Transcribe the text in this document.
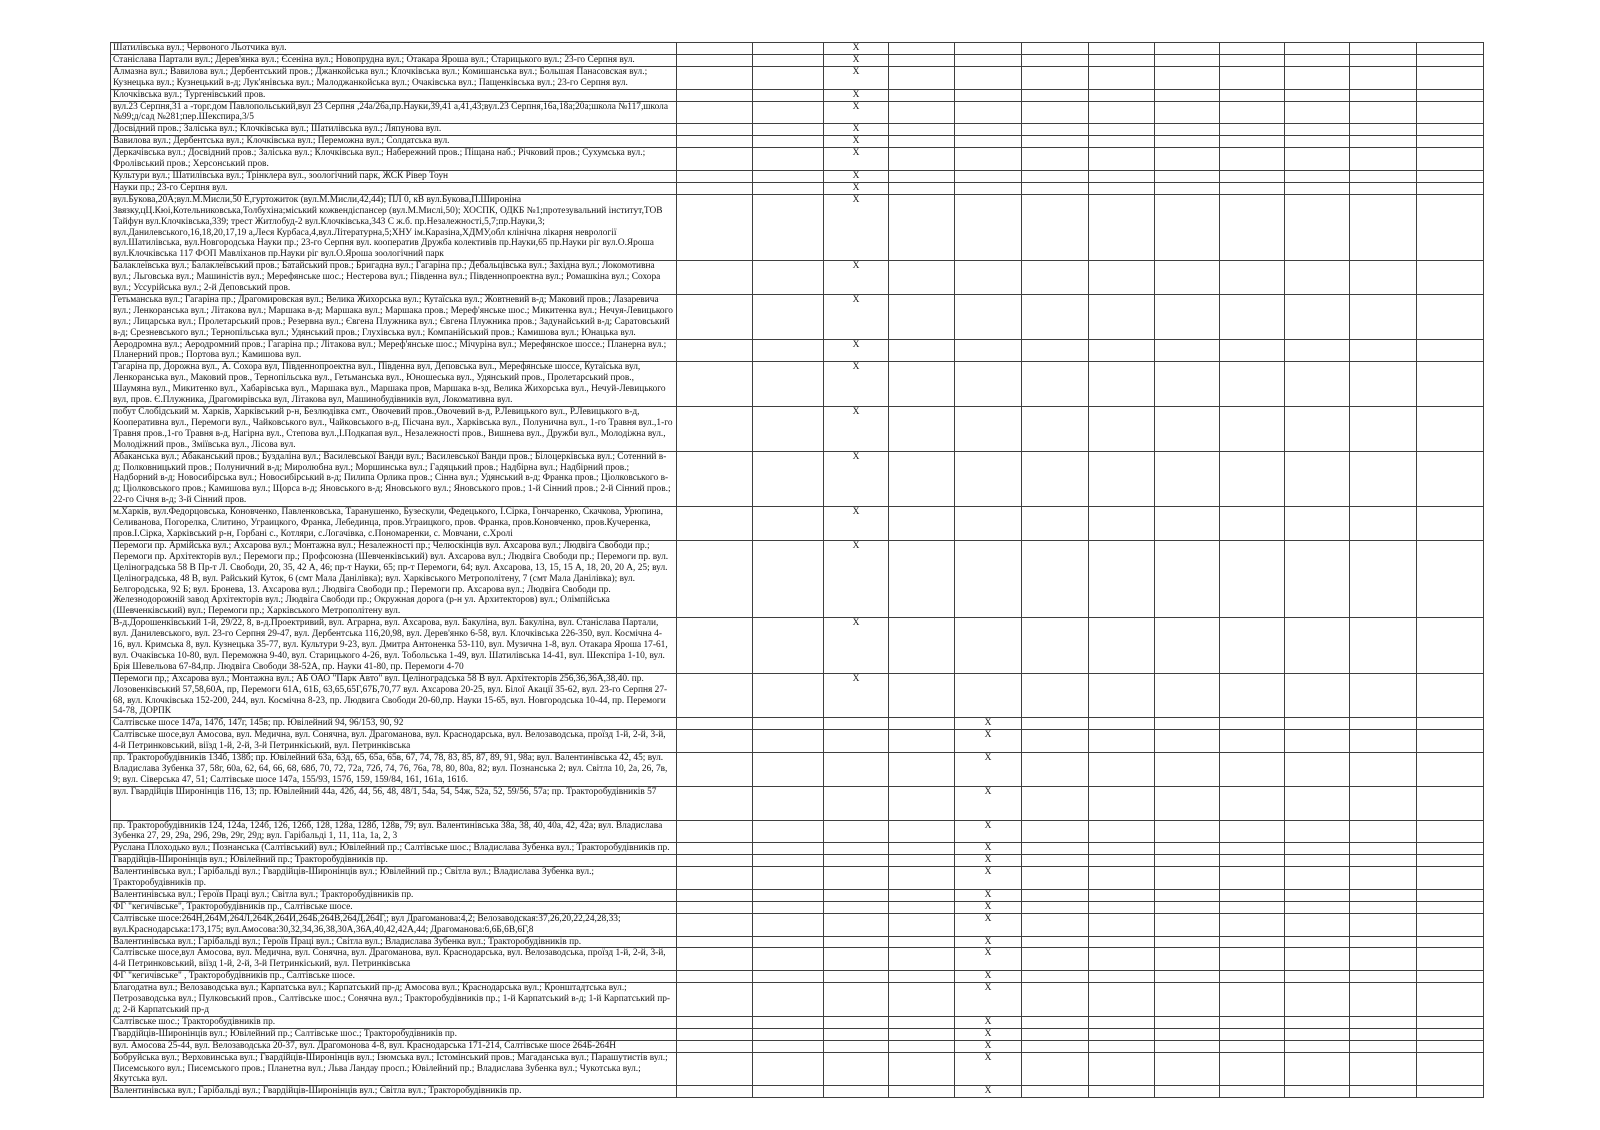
Шатилівська вул.; Червоного Льотчика вул.			X									
Станіслава Партали вул.; Дерев'янка вул.; Єсеніна вул.; Новопрудна вул.; Отакара Яроша вул.; Старицького вул.; 23-го Серпня вул.			X									
Алмазна вул.; Вавилова вул.; Дербентський пров.; Джанкойська вул.; Клочківська вул.; Комишанська вул.; Большая Панасовская вул.; Кузнецька вул.; Кузнецький в-д; Лук'янівська вул.; Малоджанкойська вул.; Очаківська вул.; Пащенківська вул.; 23-го Серпня вул.			X									
Клочківська вул.; Тургенівський пров.			X									
вул.23 Серпня,31 а -торг.дом Павлопольський,вул 23 Серпня ,24а/26а,пр.Науки,39,41 а,41,43;вул.23 Серпня,16а,18а;20а;школа №117,школа №99;д/сад №281;пер.Шекспира,3/5			X									
Досвідний пров.; Заліська вул.; Клочківська вул.; Шатилівська вул.; Ляпунова вул.			X									
Вавилова вул.; Дербентська вул.; Клочківська вул.; Переможна вул.; Солдатська вул.			X									
Деркачівська вул.; Досвідний пров.; Заліська вул.; Клочківська вул.; Набережний пров.; Піщана наб.; Річковий пров.; Сухумська вул.; Фролівський пров.; Херсонський пров.			X									
Культури вул.; Шатилівська вул.; Трінклера вул., зоологічний парк, ЖСК Рівер Тоун			X									
Науки пр.; 23-го Серпня вул.			X									
вул.Букова,20А;вул.М.Мисли,50 Е,гуртожиток (вул.М.Мисли,42,44); ПЛ 0, кВ вул.Букова,П.Широніна Звязку,цЦ.Кюі,Котельниковська,Толбухіна;міський кожвендіспансер (вул.М.Мислі,50); ХОСПК, ОДКБ №1;протезувальний інститут,ТОВ Тайфун вул.Клочківська,339; трест Житлобуд-2 вул.Клочківська,343 С ж.б. пр.Незалежності,5,7;пр.Науки,3; вул.Данилевського,16,18,20,17,19 а,Леся Курбаса,4,вул.Літературна,5;ХНУ ім.Каразіна,ХДМУ,обл клінічна лікарня неврології вул.Шатилівська, вул.Новгородська Науки пр.; 23-го Серпня вул. кооператив Дружба колективів пр.Науки,65 пр.Науки ріг вул.О.Яроша вул.Клочківська 117 ФОП Мавліханов пр.Науки ріг вул.О.Яроша зоологічний парк			X									
Балаклеївська вул.; Балаклеївський пров.; Батайський пров.; Бригадна вул.; Гагаріна пр.; Дебальцівська вул.; Західна вул.; Локомотивна вул.; Льговська вул.; Машиністів вул.; Мерефянське шос.; Нестерова вул.; Південна вул.; Південнопроектна вул.; Ромашкіна вул.; Сохора вул.; Уссурійська вул.; 2-й Деповський пров.			X									
Гетьманська вул.; Гагаріна пр.; Драгомировская вул.; Велика Жихорська вул.; Кутаїська вул.; Жовтневий в-д; Маковий пров.; Лазаревича вул.; Ленкоранська вул.; Літакова вул.; Маршака в-д; Маршака вул.; Маршака пров.; Мереф'янське шос.; Микитенка вул.; Нечуя-Левицького вул.; Лицарська вул.; Пролетарський пров.; Резервна вул.; Євгена Плужника вул.; Євгена Плужника пров.; Задунайський в-д; Саратовський в-д; Срезневського вул.; Тернопільська вул.; Удянський пров.; Глухівська вул.; Компанійський пров.; Камишова вул.; Юнацька вул.			X									
Аеродромна вул.; Аеродромний пров.; Гагаріна пр.; Літакова вул.; Мереф'янське шос.; Мічуріна вул.; Мерефянское шоссе.; Планерна вул.; Планерний пров.; Портова вул.; Камишова вул.			X									
Гагаріна пр, Дорожна вул., А. Сохора вул, Південнопроектна вул., Південна вул, Деповська вул., Мерефянське шоссе, Кутаїська вул, Ленкоранська вул., Маковий пров., Тернопільська вул., Гетьманська вул., Юношеська вул., Удянський пров., Пролетарський пров., Шаумяна вул., Микитенко вул., Хабарівська вул., Маршака вул., Маршака пров, Маршака в-зд, Велика Жихорська вул., Нечуй-Левицького вул, пров. Є.Плужника, Драгомирівська вул, Літакова вул, Машинобудівників вул, Локомативна вул.			X									
побут Слобідський м. Харків, Харківський р-н, Безлюдівка смт., Овочевий пров.,Овочевий в-д, Р.Левицького вул., Р.Левицького в-д, Кооперативна вул., Перемоги вул., Чайковського вул., Чайковського в-д, Пісчана вул., Харківська вул., Полунична вул., 1-го Травня вул.,1-го Травня пров.,1-го Травня в-д, Нагірна вул., Степова вул.,І.Подкапая вул., Незалежності пров., Вишнева вул., Дружби вул., Молодіжна вул., Молодіжний пров., Зміївська вул., Лісова вул.			X									
Абаканська вул.; Абаканський пров.; Буздаліна вул.; Василевської Ванди вул.; Василевської Ванди пров.; Білоцерківська вул.; Сотенний в-д; Полковницький пров.; Полуничний в-д; Миролюбна вул.; Моршинська вул.; Гадяцький пров.; Надбірна вул.; Надбірний пров.; Надборний в-д; Новосибірська вул.; Новосибірський в-д; Пилипа Орлика пров.; Сінна вул.; Удянський в-д; Франка пров.; Ціолковського в-д; Ціолковського пров.; Камишова вул.; Щорса в-д; Яновського в-д; Яновського вул.; Яновського пров.; 1-й Сінний пров.; 2-й Сінний пров.; 22-го Січня в-д; 3-й Сінний пров.			X									
м.Харків, вул.Федорцовська, Коновченко, Павленковська, Таранушенко, Бузескули, Федецького, І.Сірка, Гончаренко, Скачкова, Урюпина, Селиванова, Погорелка, Слитино, Уграицкого, Франка, Лебединца, пров.Уграицкого, пров. Франка, пров.Коновченко, пров.Кучеренка, пров.І.Сірка, Харківський р-н, Горбані с., Котляри, с.Логачівка, с.Пономаренки, с. Мовчани, с.Хролі			X									
Перемоги пр. Армійська вул.; Ахсарова вул.; Монтажна вул.; Незалежності пр.; Челюскінців вул. Ахсарова вул.; Людвіга Свободи пр.; Перемоги пр. Архітекторів вул.; Перемоги пр.; Профсоюзна (Шевченківський) вул. Ахсарова вул.; Людвіга Свободи пр.; Перемоги пр. вул. Целіноградська 58 В Пр-т Л. Свободи, 20, 35, 42 А, 46; пр-т Науки, 65; пр-т Перемоги, 64; вул. Ахсарова, 13, 15, 15 А, 18, 20, 20 А, 25; вул. Целіноградська, 48 В, вул. Райський Куток, 6 (смт Мала Данілівка); вул. Харківського Метрополітену, 7 (смт Мала Данілівка); вул. Белгородська, 92 Б; вул. Бронева, 13. Ахсарова вул.; Людвіга Свободи пр.; Перемоги пр. Ахсарова вул.; Людвіга Свободи пр. Железнодорожній завод Архітекторів вул.; Людвіга Свободи пр.; Окружная дорога (р-н ул. Архитекторов) вул.; Олімпійська (Шевченківський) вул.; Перемоги пр.; Харківського Метрополітену вул.			X									
В-д.Дорошенківський 1-й, 29/22, 8, в-д.Проектривий, вул. Аграрна, вул. Ахсарова, вул. Бакуліна, вул. Бакуліна, вул. Станіслава Партали, вул. Данилевського, вул. 23-го Серпня 29-47, вул. Дербентська 116,20,98, вул. Дерев'янко 6-58, вул. Клочківська 226-350, вул. Космічна 4-16, вул. Кримська 8, вул. Кузнецька 35-77, вул. Культури 9-23, вул. Дмитра Антоненка 53-110, вул. Музична 1-8, вул. Отакара Яроша 17-61, вул. Очаківська 10-80, вул. Переможна 9-40, вул. Старицького 4-26, вул. Тобольська 1-49, вул. Шатилівська 14-41, вул. Шекспіра 1-10, вул. Брія Шевельова 67-84,пр. Людвіга Свободи 38-52А, пр. Науки 41-80, пр. Перемоги 4-70			X									
Перемоги пр,; Ахсарова вул.; Монтажна вул.; АБ ОАО "Парк Авто" вул. Целіноградська 58 В вул. Архітекторів 256,36,36А,38,40. пр. Лозовенківський 57,58,60А, пр, Перемоги 61А, 61Б, 63,65,65Г,67Б,70,77 вул. Ахсарова 20-25, вул. Білої Акації 35-62, вул. 23-го Серпня 27-68, вул. Клочківська 152-200, 244, вул. Космічна 8-23, пр. Людвига Свободи 20-60,пр. Науки 15-65, вул. Новгородська 10-44, пр. Перемоги 54-78, ДОРПК			X									
Салтівське шосе 147а, 147б, 147г, 145в; пр. Ювілейний 94, 96/153, 90, 92					X							
Салтівське шосе,вул Амосова, вул. Медична, вул. Сонячна, вул. Драгоманова, вул. Краснодарська, вул. Велозаводська, проїзд 1-й, 2-й, 3-й, 4-й Петринковський, віїзд 1-й, 2-й, 3-й Петринкіський, вул. Петринківська					X							
пр. Тракторобудівників 134б, 138б; пр. Ювілейний 63а, 63д, 65, 65а, 65в, 67, 74, 78, 83, 85, 87, 89, 91, 98а; вул. Валентинівська 42, 45; вул. Владислава Зубенка 37, 58г, 60а, 62, 64, 66, 68, 68б, 70, 72, 72а, 72б, 74, 76, 76а, 78, 80, 80а, 82; вул. Познанська 2; вул. Світла 10, 2а, 26, 7в, 9; вул. Сіверська 47, 51; Салтівське шосе 147а, 155/93, 157б, 159, 159/84, 161, 161а, 161б.					X							
вул. Гвардійців Широнінців 116, 13; пр. Ювілейний 44а, 42б, 44, 56, 48, 48/1, 54а, 54, 54ж, 52а, 52, 59/56, 57а; пр. Тракторобудівників 57					X							
пр. Тракторобудівників 124, 124а, 124б, 126, 126б, 128, 128а, 128б, 128в, 79; вул. Валентинівська 38а, 38, 40, 40а, 42, 42а; вул. Владислава Зубенка 27, 29, 29а, 29б, 29в, 29г, 29д; вул. Гарібальді 1, 11, 11а, 1а, 2, 3					X							
Руслана Плоходько вул.; Познанська (Салтівський) вул.; Ювілейний пр.; Салтівське шос.; Владислава Зубенка вул.; Тракторобудівників пр.					X							
Гвардійців-Широнінців вул.; Ювілейний пр.; Тракторобудівників пр.					X							
Валентинівська вул.; Гарібальді вул.; Гвардійців-Широнінців вул.; Ювілейний пр.; Світла вул.; Владислава Зубенка вул.; Тракторобудівників пр.					X							
Валентинівська вул.; Героїв Праці вул.; Світла вул.; Тракторобудівників пр.					X							
ФГ "кегичівське", Тракторобудівників пр., Салтівське шосе.					X							
Салтівське шосе:264Н,264М,264Л,264К,264И,264Б,264В,264Д,264Г,; вул Драгоманова:4,2; Велозаводская:37,26,20,22,24,28,33; вул.Краснодарська:173,175; вул.Амосова:30,32,34,36,38,30А,36А,40,42,42А,44; Драгоманова:6,6Б,6В,6Г,8					X							
Валентинівська вул.; Гарібальді вул.; Героїв Праці вул.; Світла вул.; Владислава Зубенка вул.; Тракторобудівників пр.					X							
Салтівське шосе,вул Амосова, вул. Медична, вул. Сонячна, вул. Драгоманова, вул. Краснодарська, вул. Велозаводська, проїзд 1-й, 2-й, 3-й, 4-й Петринковський, віїзд 1-й, 2-й, 3-й Петринкіський, вул. Петринківська					X							
ФГ "кегичівське" , Тракторобудівників пр., Салтівське шосе.					X							
Благодатна вул.; Велозаводська вул.; Карпатська вул.; Карпатський пр-д; Амосова вул.; Краснодарська вул.; Кронштадтська вул.; Петрозаводська вул.; Пулковський пров., Салтівське шос.; Сонячна вул.; Тракторобудівників пр.; 1-й Карпатський в-д; 1-й Карпатський пр-д; 2-й Карпатський пр-д					X							
Салтівське шос.; Тракторобудівників пр.					X							
Гвардійців-Широнінців вул.; Ювілейний пр.; Салтівське шос.; Тракторобудівників пр.					X							
вул. Амосова 25-44, вул. Велозаводська 20-37, вул. Драгомонова 4-8, вул. Краснодарська 171-214, Салтівське шосе 264Б-264Н					X							
Бобруйська вул.; Верховинська вул.; Гвардійців-Широнінців вул.; Ізюмська вул.; Істомінський пров.; Магаданська вул.; Парашутистів вул.; Писемського вул.; Писемського пров.; Планетна вул.; Льва Ландау просп.; Ювілейний пр.; Владислава Зубенка вул.; Чукотська вул.; Якутська вул.					X							
Валентинівська вул.; Гарібальді вул.; Гвардійців-Широнінців вул.; Світла вул.; Тракторобудівників пр.					X							
